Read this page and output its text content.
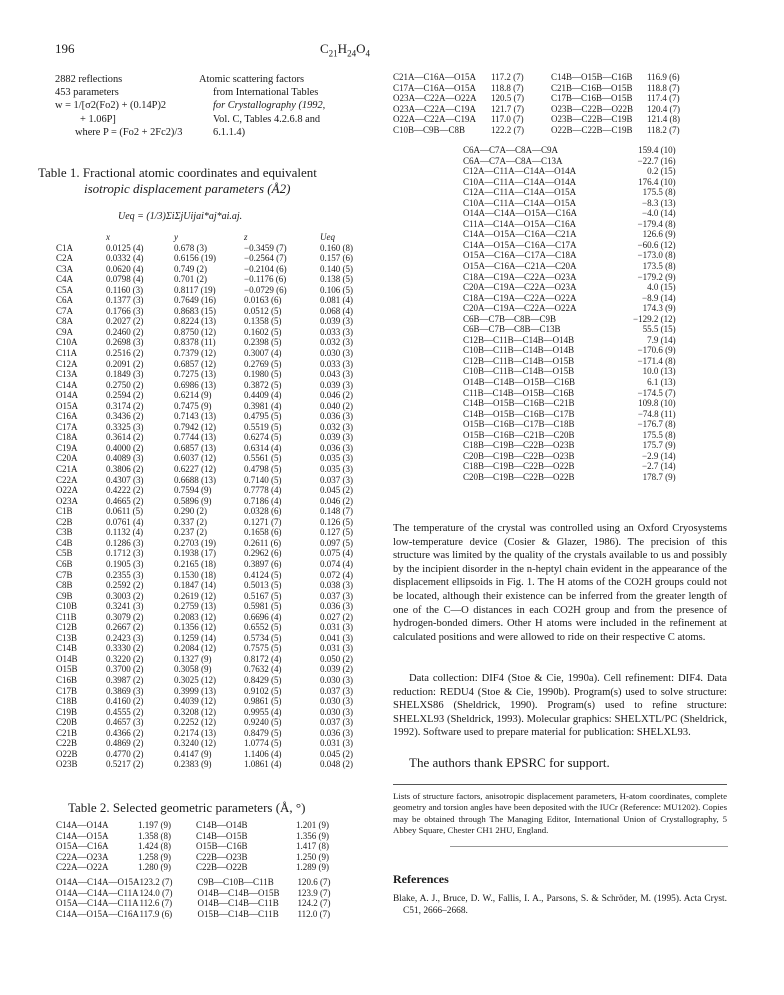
196	$C_{21}H_{24}O_4$
2882 reflections
453 parameters
w = 1/[σ2(Fo2) + (0.14P)2
+ 1.06P]
where P = (Fo2 + 2Fc2)/3
Atomic scattering factors
from International Tables
for Crystallography (1992,
Vol. C, Tables 4.2.6.8 and
6.1.1.4)
Table 1. Fractional atomic coordinates and equivalent
isotropic displacement parameters (Å2)
Ueq = (1/3)ΣiΣjUijai*aj*ai.aj.
	x	y	z	Ueq
C1A	0.0125 (4)	0.678 (3)	−0.3459 (7)	0.160 (8)
C2A	0.0332 (4)	0.6156 (19)	−0.2564 (7)	0.157 (6)
C3A	0.0620 (4)	0.749 (2)	−0.2104 (6)	0.140 (5)
C4A	0.0798 (4)	0.701 (2)	−0.1176 (6)	0.138 (5)
C5A	0.1160 (3)	0.8117 (19)	−0.0729 (6)	0.106 (5)
C6A	0.1377 (3)	0.7649 (16)	0.0163 (6)	0.081 (4)
C7A	0.1766 (3)	0.8683 (15)	0.0512 (5)	0.068 (4)
C8A	0.2027 (2)	0.8224 (13)	0.1358 (5)	0.039 (3)
C9A	0.2460 (2)	0.8750 (12)	0.1602 (5)	0.033 (3)
C10A	0.2698 (3)	0.8378 (11)	0.2398 (5)	0.032 (3)
C11A	0.2516 (2)	0.7379 (12)	0.3007 (4)	0.030 (3)
C12A	0.2091 (2)	0.6857 (12)	0.2769 (5)	0.033 (3)
C13A	0.1849 (3)	0.7275 (13)	0.1980 (5)	0.043 (3)
C14A	0.2750 (2)	0.6986 (13)	0.3872 (5)	0.039 (3)
O14A	0.2594 (2)	0.6214 (9)	0.4409 (4)	0.046 (2)
O15A	0.3174 (2)	0.7475 (9)	0.3981 (4)	0.040 (2)
C16A	0.3436 (2)	0.7143 (13)	0.4795 (5)	0.036 (3)
C17A	0.3325 (3)	0.7942 (12)	0.5519 (5)	0.032 (3)
C18A	0.3614 (2)	0.7744 (13)	0.6274 (5)	0.039 (3)
C19A	0.4000 (2)	0.6857 (13)	0.6314 (4)	0.036 (3)
C20A	0.4089 (3)	0.6037 (12)	0.5561 (5)	0.035 (3)
C21A	0.3806 (2)	0.6227 (12)	0.4798 (5)	0.035 (3)
C22A	0.4307 (3)	0.6688 (13)	0.7140 (5)	0.037 (3)
O22A	0.4222 (2)	0.7594 (9)	0.7778 (4)	0.045 (2)
O23A	0.4665 (2)	0.5896 (9)	0.7186 (4)	0.046 (2)
C1B	0.0611 (5)	0.290 (2)	0.0328 (6)	0.148 (7)
C2B	0.0761 (4)	0.337 (2)	0.1271 (7)	0.126 (5)
C3B	0.1132 (4)	0.237 (2)	0.1658 (6)	0.127 (5)
C4B	0.1286 (3)	0.2703 (19)	0.2611 (6)	0.097 (5)
C5B	0.1712 (3)	0.1938 (17)	0.2962 (6)	0.075 (4)
C6B	0.1905 (3)	0.2165 (18)	0.3897 (6)	0.074 (4)
C7B	0.2355 (3)	0.1530 (18)	0.4124 (5)	0.072 (4)
C8B	0.2592 (2)	0.1847 (14)	0.5013 (5)	0.038 (3)
C9B	0.3003 (2)	0.2619 (12)	0.5167 (5)	0.037 (3)
C10B	0.3241 (3)	0.2759 (13)	0.5981 (5)	0.036 (3)
C11B	0.3079 (2)	0.2083 (12)	0.6696 (4)	0.027 (2)
C12B	0.2667 (2)	0.1356 (12)	0.6552 (5)	0.031 (3)
C13B	0.2423 (3)	0.1259 (14)	0.5734 (5)	0.041 (3)
C14B	0.3330 (2)	0.2084 (12)	0.7575 (5)	0.031 (3)
O14B	0.3220 (2)	0.1327 (9)	0.8172 (4)	0.050 (2)
O15B	0.3700 (2)	0.3058 (9)	0.7632 (4)	0.039 (2)
C16B	0.3987 (2)	0.3025 (12)	0.8429 (5)	0.030 (3)
C17B	0.3869 (3)	0.3999 (13)	0.9102 (5)	0.037 (3)
C18B	0.4160 (2)	0.4039 (12)	0.9861 (5)	0.030 (3)
C19B	0.4555 (2)	0.3208 (12)	0.9955 (4)	0.030 (3)
C20B	0.4657 (3)	0.2252 (12)	0.9240 (5)	0.037 (3)
C21B	0.4366 (2)	0.2174 (13)	0.8479 (5)	0.036 (3)
C22B	0.4869 (2)	0.3240 (12)	1.0774 (5)	0.031 (3)
O22B	0.4770 (2)	0.4147 (9)	1.1406 (4)	0.045 (2)
O23B	0.5217 (2)	0.2383 (9)	1.0861 (4)	0.048 (2)
Table 2. Selected geometric parameters (Å, °)
C14A—O14A	1.197 (9)	C14B—O14B	1.201 (9)
C14A—O15A	1.358 (8)	C14B—O15B	1.356 (9)
O15A—C16A	1.424 (8)	O15B—C16B	1.417 (8)
C22A—O23A	1.258 (9)	C22B—O23B	1.250 (9)
C22A—O22A	1.280 (9)	C22B—O22B	1.289 (9)
O14A—C14A—O15A	123.2 (7)	C9B—C10B—C11B	120.6 (7)
O14A—C14A—C11A	124.0 (7)	O14B—C14B—O15B	123.9 (7)
O15A—C14A—C11A	112.6 (7)	O14B—C14B—C11B	124.2 (7)
C14A—O15A—C16A	117.9 (6)	O15B—C14B—C11B	112.0 (7)
C21A—C16A—O15A	117.2 (7)	C14B—O15B—C16B	116.9 (6)
C17A—C16A—O15A	118.8 (7)	C21B—C16B—O15B	118.8 (7)
O23A—C22A—O22A	120.5 (7)	C17B—C16B—O15B	117.4 (7)
O23A—C22A—C19A	121.7 (7)	O23B—C22B—O22B	120.4 (7)
O22A—C22A—C19A	117.0 (7)	O23B—C22B—C19B	121.4 (8)
C10B—C9B—C8B	122.2 (7)	O22B—C22B—C19B	118.2 (7)
C6A—C7A—C8A—C9A	159.4 (10)
C6A—C7A—C8A—C13A	−22.7 (16)
C12A—C11A—C14A—O14A	0.2 (15)
C10A—C11A—C14A—O14A	176.4 (10)
C12A—C11A—C14A—O15A	175.5 (8)
C10A—C11A—C14A—O15A	−8.3 (13)
O14A—C14A—O15A—C16A	−4.0 (14)
C11A—C14A—O15A—C16A	−179.4 (8)
C14A—O15A—C16A—C21A	126.6 (9)
C14A—O15A—C16A—C17A	−60.6 (12)
O15A—C16A—C17A—C18A	−173.0 (8)
O15A—C16A—C21A—C20A	173.5 (8)
C18A—C19A—C22A—O23A	−179.2 (9)
C20A—C19A—C22A—O23A	4.0 (15)
C18A—C19A—C22A—O22A	−8.9 (14)
C20A—C19A—C22A—O22A	174.3 (9)
C6B—C7B—C8B—C9B	−129.2 (12)
C6B—C7B—C8B—C13B	55.5 (15)
C12B—C11B—C14B—O14B	7.9 (14)
C10B—C11B—C14B—O14B	−170.6 (9)
C12B—C11B—C14B—O15B	−171.4 (8)
C10B—C11B—C14B—O15B	10.0 (13)
O14B—C14B—O15B—C16B	6.1 (13)
C11B—C14B—O15B—C16B	−174.5 (7)
C14B—O15B—C16B—C21B	109.8 (10)
C14B—O15B—C16B—C17B	−74.8 (11)
O15B—C16B—C17B—C18B	−176.7 (8)
O15B—C16B—C21B—C20B	175.5 (8)
C18B—C19B—C22B—O23B	175.7 (9)
C20B—C19B—C22B—O23B	−2.9 (14)
C18B—C19B—C22B—O22B	−2.7 (14)
C20B—C19B—C22B—O22B	178.7 (9)
The temperature of the crystal was controlled using an Oxford Cryosystems low-temperature device (Cosier & Glazer, 1986). The precision of this structure was limited by the quality of the crystals available to us and possibly by the incipient disorder in the n-heptyl chain evident in the appearance of the displacement ellipsoids in Fig. 1. The H atoms of the CO2H groups could not be located, although their existence can be inferred from the greater length of one of the C—O distances in each CO2H group and from the presence of hydrogen-bonded dimers. Other H atoms were included in the refinement at calculated positions and were allowed to ride on their respective C atoms.
Data collection: DIF4 (Stoe & Cie, 1990a). Cell refinement: DIF4. Data reduction: REDU4 (Stoe & Cie, 1990b). Program(s) used to solve structure: SHELXS86 (Sheldrick, 1990). Program(s) used to refine structure: SHELXL93 (Sheldrick, 1993). Molecular graphics: SHELXTL/PC (Sheldrick, 1992). Software used to prepare material for publication: SHELXL93.
The authors thank EPSRC for support.
Lists of structure factors, anisotropic displacement parameters, H-atom coordinates, complete geometry and torsion angles have been deposited with the IUCr (Reference: MU1202). Copies may be obtained through The Managing Editor, International Union of Crystallography, 5 Abbey Square, Chester CH1 2HU, England.
References
Blake, A. J., Bruce, D. W., Fallis, I. A., Parsons, S. & Schröder, M. (1995). Acta Cryst. C51, 2666–2668.
